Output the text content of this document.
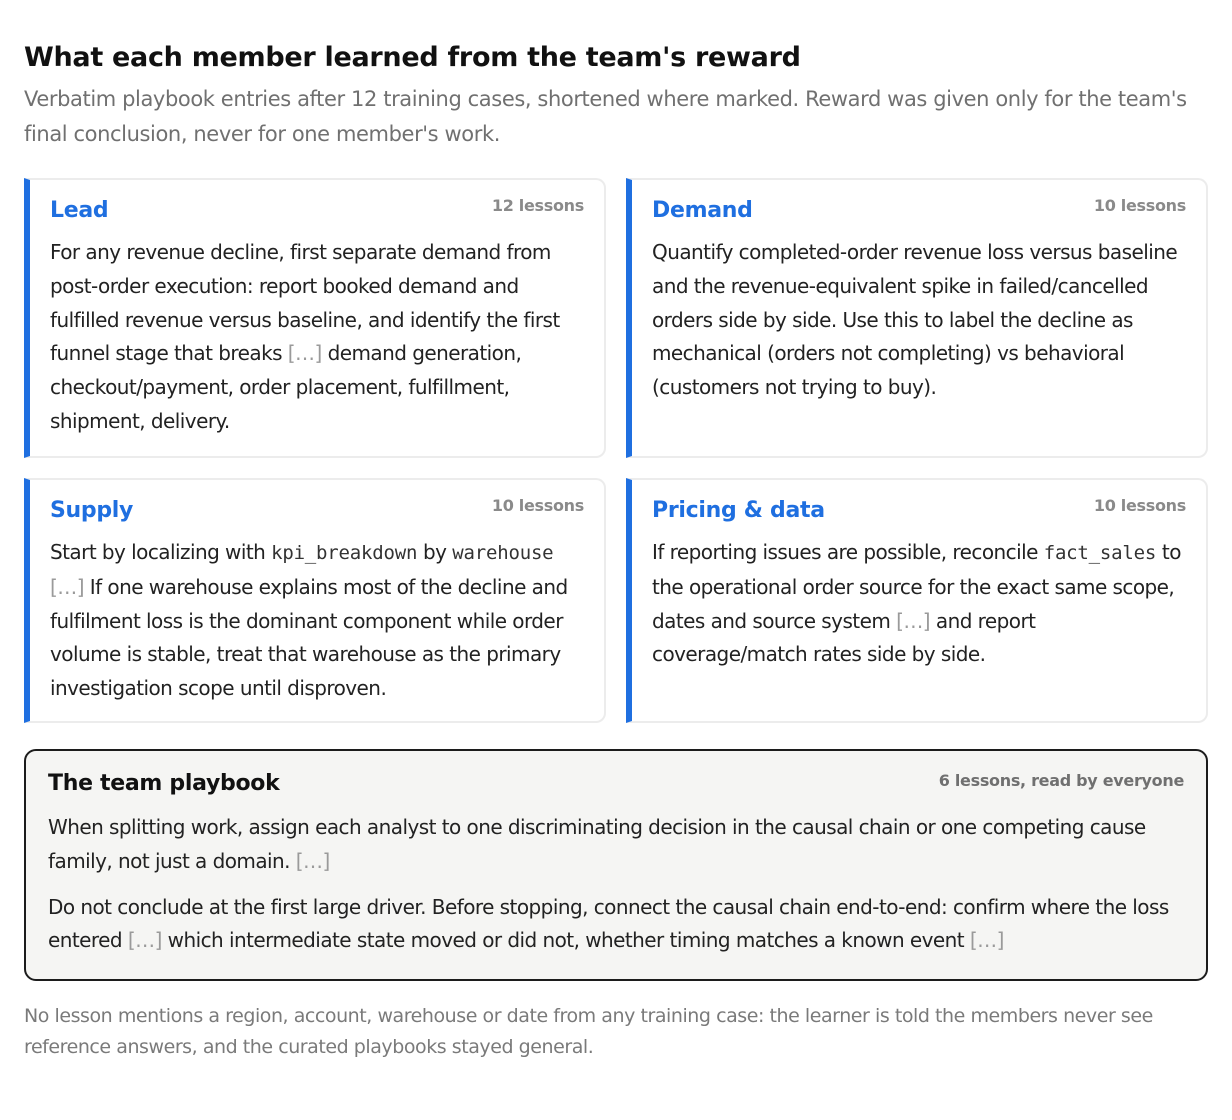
What each member learned from the team's reward

Verbatim playbook entries after 12 training cases, shortened where marked. Reward was given only for the team's final conclusion, never for one member's work.

Lead	12 lessons

For any revenue decline, first separate demand from post-order execution: report booked demand and fulfilled revenue versus baseline, and identify the first funnel stage that breaks […] demand generation, checkout/payment, order placement, fulfillment, shipment, delivery.

Demand	10 lessons

Quantify completed-order revenue loss versus baseline and the revenue-equivalent spike in failed/cancelled orders side by side. Use this to label the decline as mechanical (orders not completing) vs behavioral (customers not trying to buy).

Supply	10 lessons

Start by localizing with kpi_breakdown by warehouse […] If one warehouse explains most of the decline and fulfilment loss is the dominant component while order volume is stable, treat that warehouse as the primary investigation scope until disproven.

Pricing & data	10 lessons

If reporting issues are possible, reconcile fact_sales to the operational order source for the exact same scope, dates and source system […] and report coverage/match rates side by side.

The team playbook	6 lessons, read by everyone

When splitting work, assign each analyst to one discriminating decision in the causal chain or one competing cause family, not just a domain. […]

Do not conclude at the first large driver. Before stopping, connect the causal chain end-to-end: confirm where the loss entered […] which intermediate state moved or did not, whether timing matches a known event […]

No lesson mentions a region, account, warehouse or date from any training case: the learner is told the members never see reference answers, and the curated playbooks stayed general.
